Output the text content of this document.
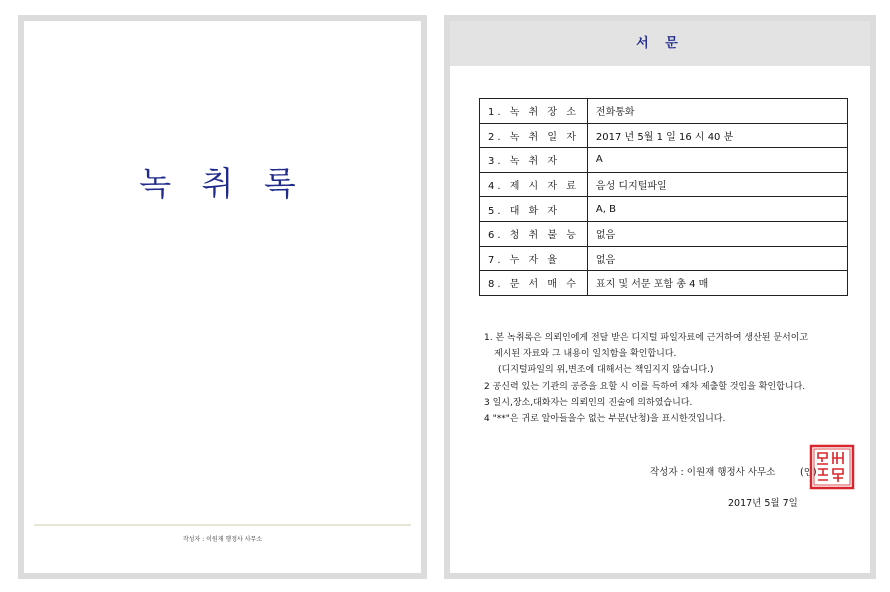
녹 취 록
작성자 : 이원재 행정사 사무소
서 문
1. 녹 취 장 소	전화통화
2. 녹 취 일 자	2017 년 5월 1 일 16 시 40 분
3. 녹 취 자	A
4. 제 시 자 료	음성 디지털파일
5. 대 화 자	A, B
6. 청 취 불 능	없음
7. 누 자 율	없음
8. 문 서 매 수	표지 및 서문 포함 총 4 매
1. 본 녹취록은 의뢰인에게 전달 받은 디지털 파일자료에 근거하여 생산된 문서이고
제시된 자료와 그 내용이 일치함을 확인합니다.
(디지털파일의 위,변조에 대해서는 책임지지 않습니다.)
2 공신력 있는 기관의 공증을 요할 시 이를 득하여 재차 제출할 것임을 확인합니다.
3 일시,장소,대화자는 의뢰인의 진술에 의하였습니다.
4 "**"은 귀로 알아들을수 없는 부분(난청)을 표시한것입니다.
작성자 : 이원재 행정사 사무소	(인)
2017년 5월 7일
